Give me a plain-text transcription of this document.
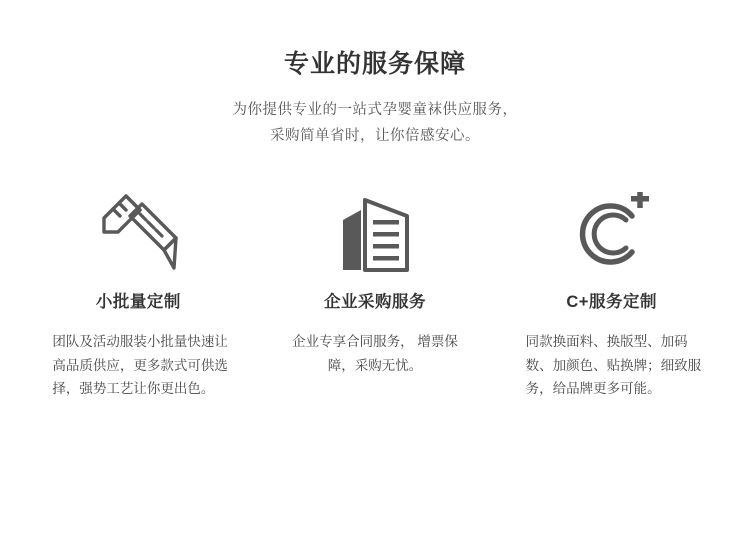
专业的服务保障
为你提供专业的一站式孕婴童袜供应服务，
采购简单省时，让你倍感安心。
小批量定制
团队及活动服装小批量快速让高品质供应，更多款式可供选择，强势工艺让你更出色。
企业采购服务
企业专享合同服务， 增票保障，采购无忧。
C+服务定制
同款换面料、换版型、加码数、加颜色、贴换牌；细致服务，给品牌更多可能。
